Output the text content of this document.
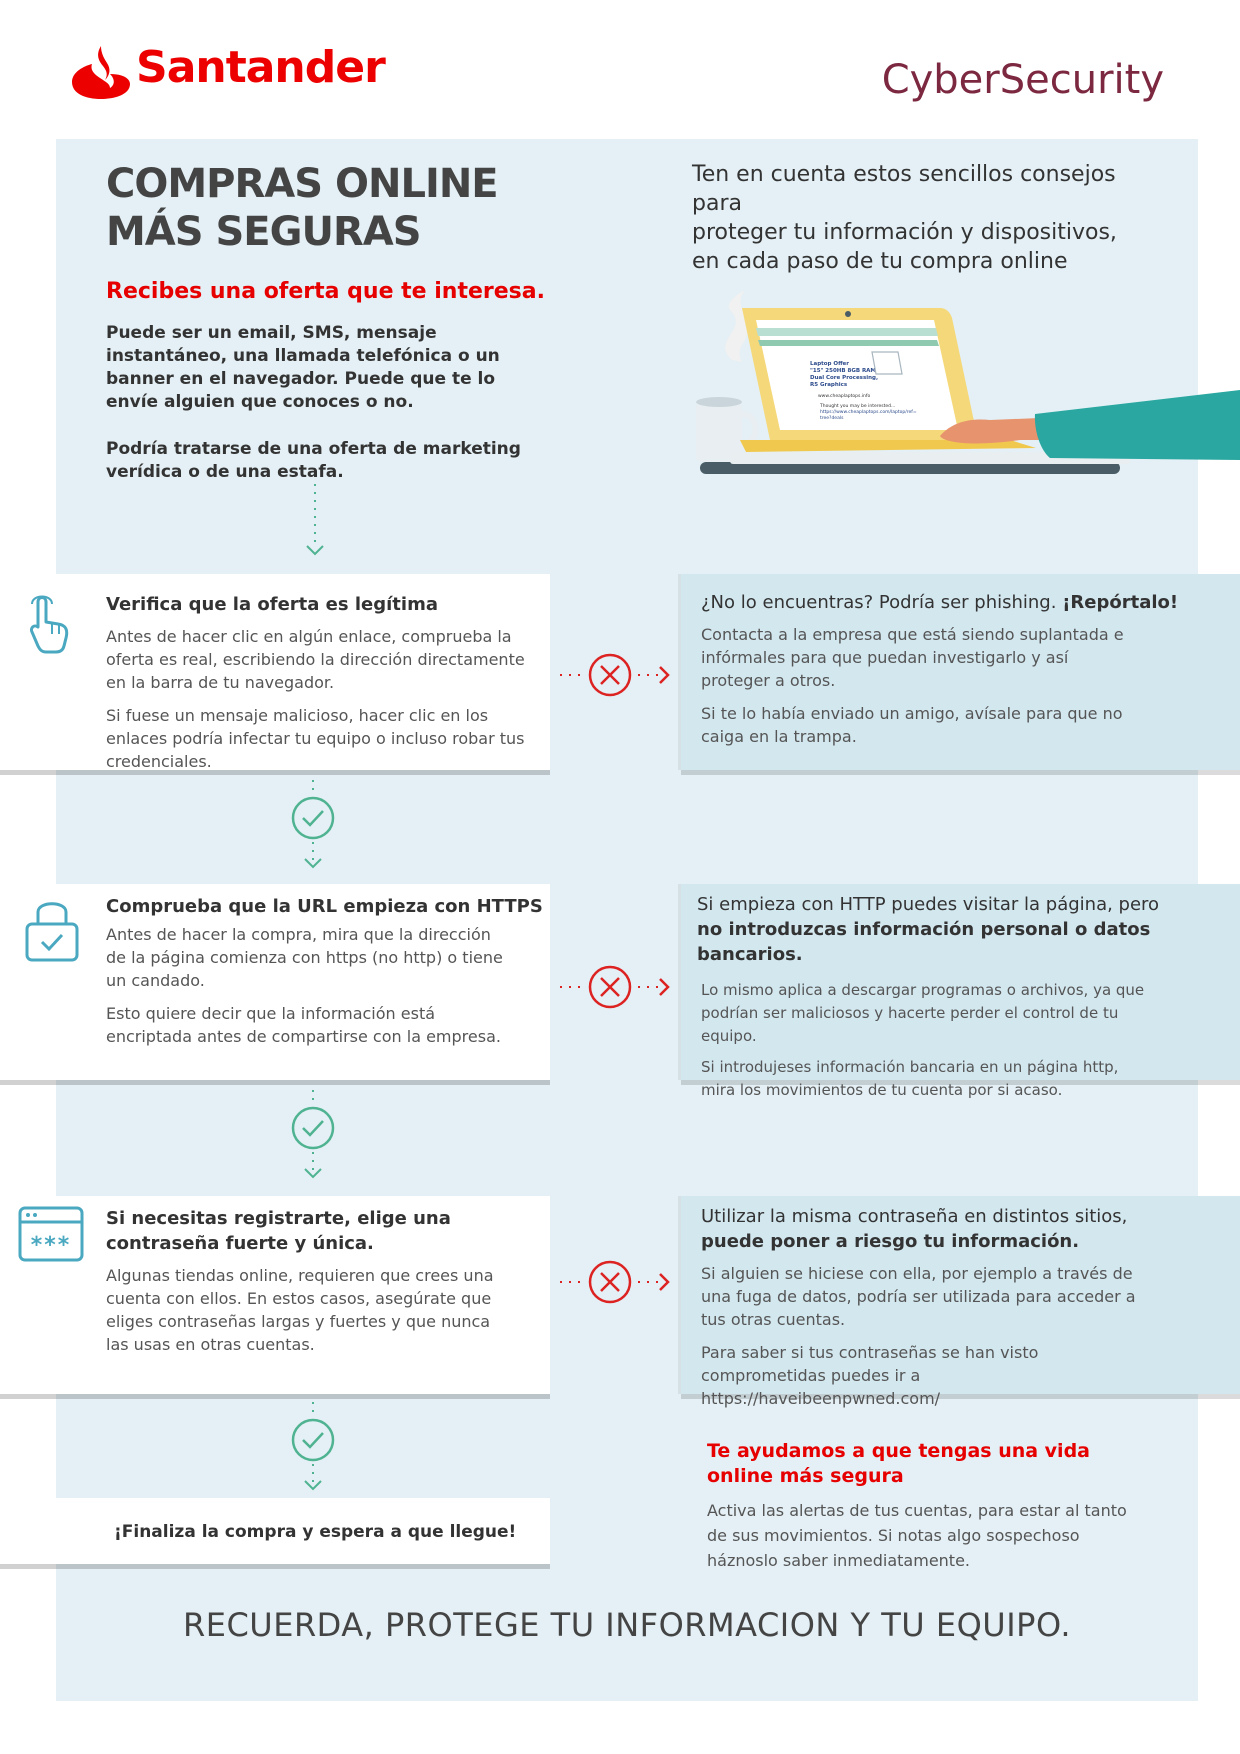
Santander	CyberSecurity
COMPRAS ONLINE
MÁS SEGURAS
Ten en cuenta estos sencillos consejos para
proteger tu información y dispositivos,
en cada paso de tu compra online
Recibes una oferta que te interesa.
Puede ser un email, SMS, mensaje instantáneo, una llamada telefónica o un banner en el navegador. Puede que te lo envíe alguien que conoces o no.
Podría tratarse de una oferta de marketing verídica o de una estafa.
Laptop Offer
"15" 250HB 8GB RAM
Dual Core Processing,
R5 Graphics
www.cheaplaptops.info
Thought you may be interested...
https://www.cheaplaptops.com/laptop/ref=
tree?deals
Verifica que la oferta es legítima

Antes de hacer clic en algún enlace, comprueba la oferta es real, escribiendo la dirección directamente en la barra de tu navegador.

Si fuese un mensaje malicioso, hacer clic en los enlaces podría infectar tu equipo o incluso robar tus credenciales.

¿No lo encuentras? Podría ser phishing. ¡Repórtalo!

Contacta a la empresa que está siendo suplantada e infórmales para que puedan investigarlo y así proteger a otros.

Si te lo había enviado un amigo, avísale para que no caiga en la trampa.

Comprueba que la URL empieza con HTTPS

Antes de hacer la compra, mira que la dirección de la página comienza con https (no http) o tiene un candado.

Esto quiere decir que la información está encriptada antes de compartirse con la empresa.

Si empieza con HTTP puedes visitar la página, pero
no introduzcas información personal o datos bancarios.

Lo mismo aplica a descargar programas o archivos, ya que podrían ser maliciosos y hacerte perder el control de tu equipo.

Si introdujeses información bancaria en un página http, mira los movimientos de tu cuenta por si acaso.

Si necesitas registrarte, elige una contraseña fuerte y única.

Algunas tiendas online, requieren que crees una cuenta con ellos. En estos casos, asegúrate que eliges contraseñas largas y fuertes y que nunca las usas en otras cuentas.

***
Utilizar la misma contraseña en distintos sitios,
puede poner a riesgo tu información.

Si alguien se hiciese con ella, por ejemplo a través de una fuga de datos, podría ser utilizada para acceder a tus otras cuentas.

Para saber si tus contraseñas se han visto comprometidas puedes ir a https://haveibeenpwned.com/

¡Finaliza la compra y espera a que llegue!
Te ayudamos a que tengas una vida online más segura
Activa las alertas de tus cuentas, para estar al tanto de sus movimientos. Si notas algo sospechoso háznoslo saber inmediatamente.
RECUERDA, PROTEGE TU INFORMACION Y TU EQUIPO.
